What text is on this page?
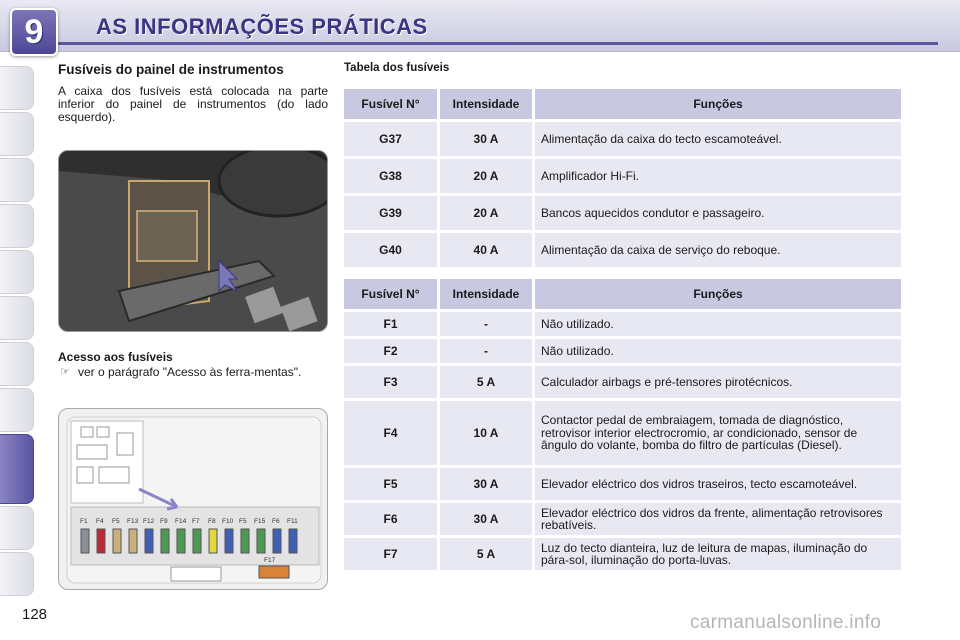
9	AS INFORMAÇÕES PRÁTICAS
Fusíveis do painel de instrumentos
A caixa dos fusíveis está colocada na parte inferior do painel de instrumentos (do lado esquerdo).
Acesso aos fusíveis
☞ ver o parágrafo "Acesso às ferra-mentas".
F1 F4 F5 F13 F12 F9 F14 F7 F8 F10 F5 F15 F6 F11
F17
Tabela dos fusíveis
Fusível N°	Intensidade	Funções
G37	30 A	Alimentação da caixa do tecto escamoteável.
G38	20 A	Amplificador Hi-Fi.
G39	20 A	Bancos aquecidos condutor e passageiro.
G40	40 A	Alimentação da caixa de serviço do reboque.
Fusível N°	Intensidade	Funções
F1	-	Não utilizado.
F2	-	Não utilizado.
F3	5 A	Calculador airbags e pré-tensores pirotécnicos.
F4	10 A	Contactor pedal de embraiagem, tomada de diagnóstico, retrovisor interior electrocromio, ar condicionado, sensor de ângulo do volante, bomba do filtro de partículas (Diesel).
F5	30 A	Elevador eléctrico dos vidros traseiros, tecto escamoteável.
F6	30 A	Elevador eléctrico dos vidros da frente, alimentação retrovisores rebatíveis.
F7	5 A	Luz do tecto dianteira, luz de leitura de mapas, iluminação do pára-sol, iluminação do porta-luvas.
128	carmanualsonline.info
